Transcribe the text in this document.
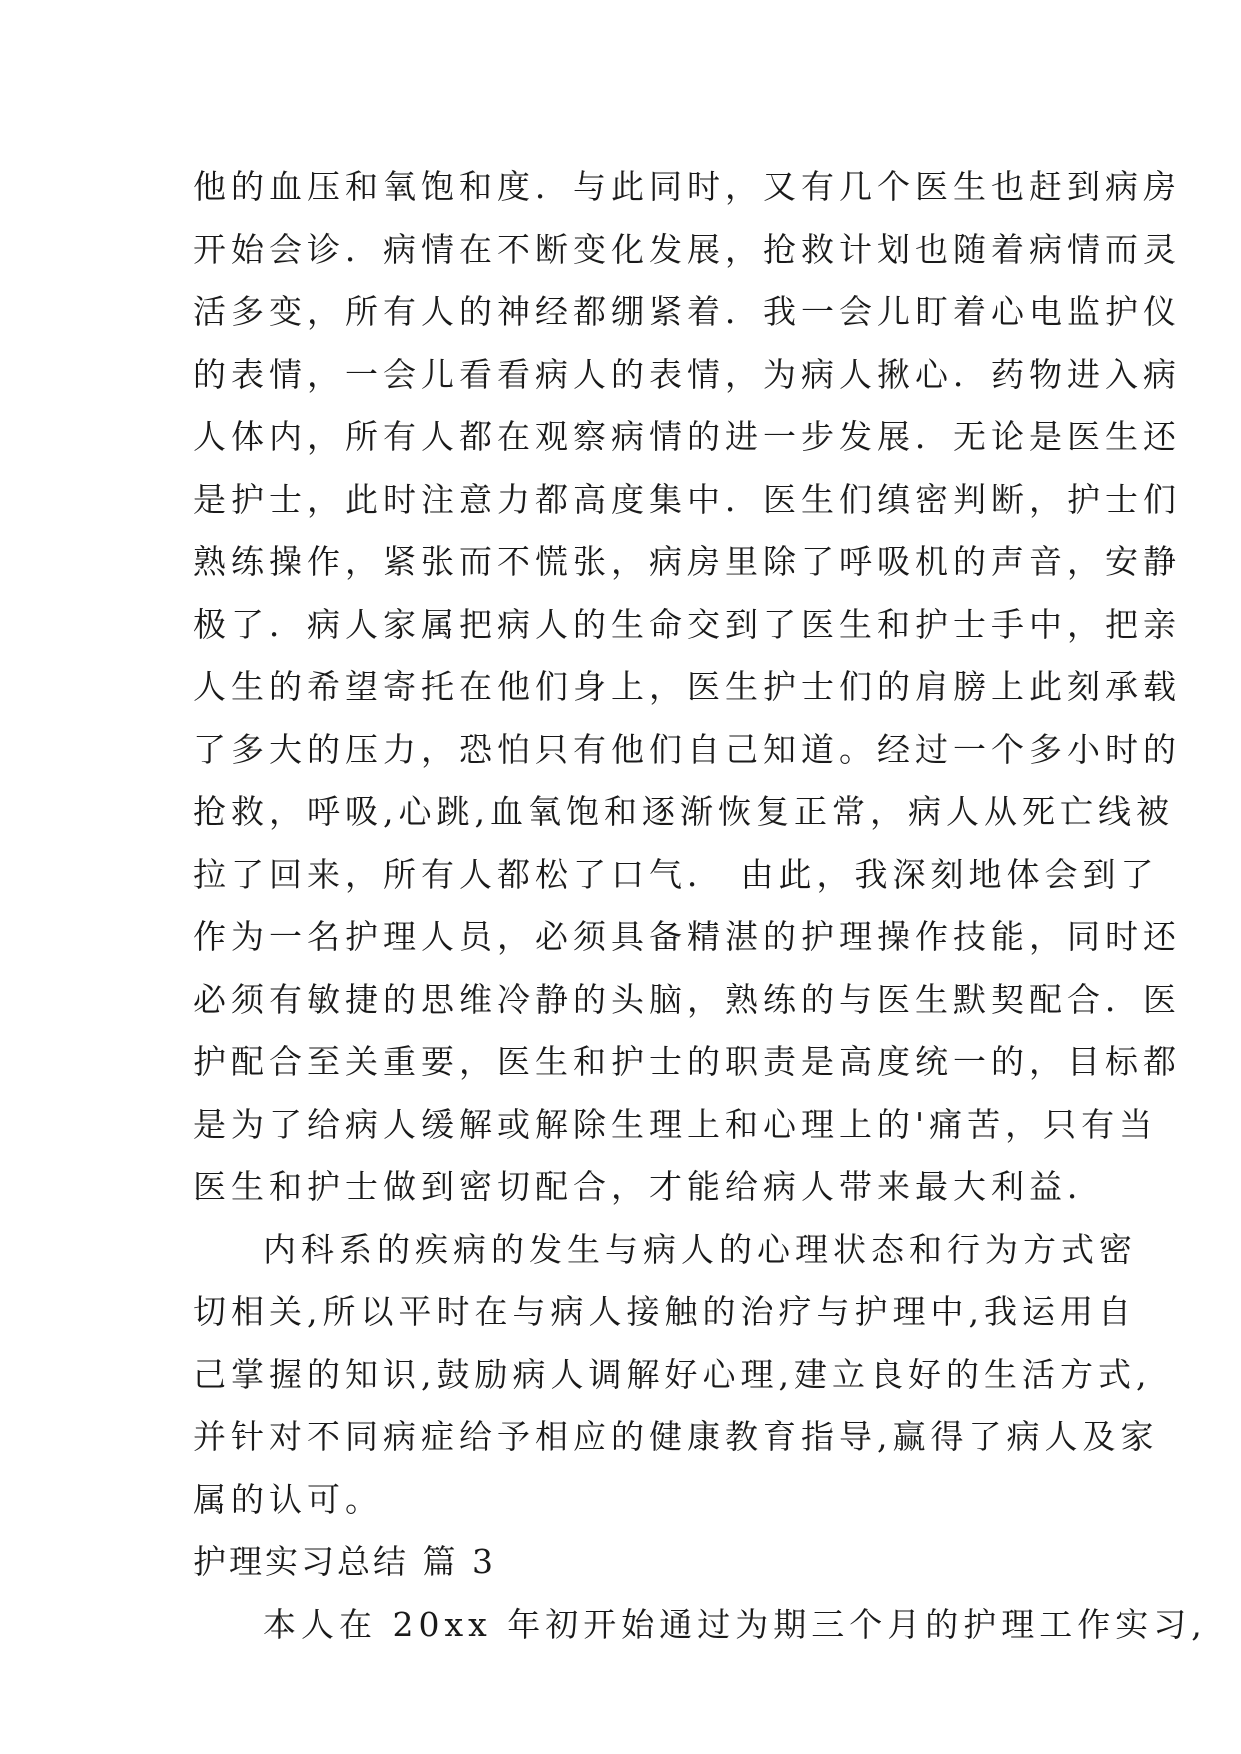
他的血压和氧饱和度．与此同时，又有几个医生也赶到病房
开始会诊．病情在不断变化发展，抢救计划也随着病情而灵
活多变，所有人的神经都绷紧着．我一会儿盯着心电监护仪
的表情，一会儿看看病人的表情，为病人揪心．药物进入病
人体内，所有人都在观察病情的进一步发展．无论是医生还
是护士，此时注意力都高度集中．医生们缜密判断，护士们
熟练操作，紧张而不慌张，病房里除了呼吸机的声音，安静
极了．病人家属把病人的生命交到了医生和护士手中，把亲
人生的希望寄托在他们身上，医生护士们的肩膀上此刻承载
了多大的压力，恐怕只有他们自己知道。经过一个多小时的
抢救，呼吸,心跳,血氧饱和逐渐恢复正常，病人从死亡线被
拉了回来，所有人都松了口气． 由此，我深刻地体会到了
作为一名护理人员，必须具备精湛的护理操作技能，同时还
必须有敏捷的思维冷静的头脑，熟练的与医生默契配合．医
护配合至关重要，医生和护士的职责是高度统一的，目标都
是为了给病人缓解或解除生理上和心理上的'痛苦，只有当
医生和护士做到密切配合，才能给病人带来最大利益．
内科系的疾病的发生与病人的心理状态和行为方式密
切相关,所以平时在与病人接触的治疗与护理中,我运用自
己掌握的知识,鼓励病人调解好心理,建立良好的生活方式,
并针对不同病症给予相应的健康教育指导,赢得了病人及家
属的认可。
护理实习总结 篇 3
本人在 20xx 年初开始通过为期三个月的护理工作实习,
